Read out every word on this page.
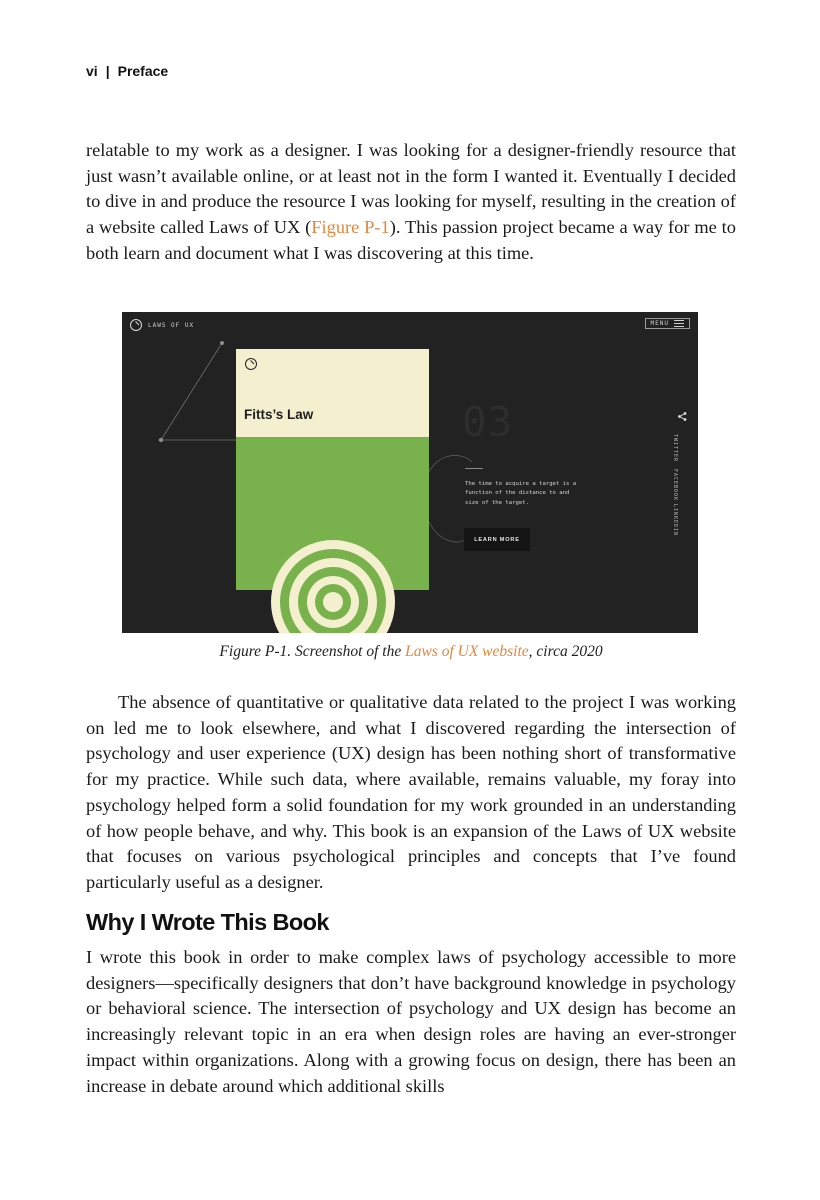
vi | Preface

relatable to my work as a designer. I was looking for a designer-friendly resource that just wasn’t available online, or at least not in the form I wanted it. Eventually I decided to dive in and produce the resource I was looking for myself, resulting in the creation of a website called Laws of UX (Figure P-1). This passion project became a way for me to both learn and document what I was discovering at this time.

LAWS OF UX	MENU
Fitts’s Law	03

The time to acquire a target is a function of the distance to and size of the target.

LEARN MORE
TWITTER
FACEBOOK
LINKEDIN

Figure P-1. Screenshot of the Laws of UX website, circa 2020

The absence of quantitative or qualitative data related to the project I was working on led me to look elsewhere, and what I discovered regarding the intersection of psychology and user experience (UX) design has been nothing short of transformative for my practice. While such data, where available, remains valuable, my foray into psychology helped form a solid foundation for my work grounded in an understanding of how people behave, and why. This book is an expansion of the Laws of UX website that focuses on various psychological principles and concepts that I’ve found particularly useful as a designer.

Why I Wrote This Book

I wrote this book in order to make complex laws of psychology accessible to more designers—specifically designers that don’t have background knowledge in psychology or behavioral science. The intersection of psychology and UX design has become an increasingly relevant topic in an era when design roles are having an ever-stronger impact within organizations. Along with a growing focus on design, there has been an increase in debate around which additional skills
